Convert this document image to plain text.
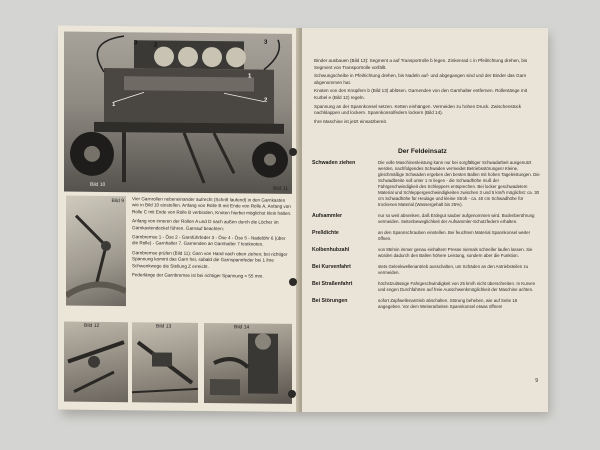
3	2	3
1
2
1
Bild 10
Bild 11
Bild 9 Vier Garnrollen nebeneinander aufrecht (Schrift laufend) in den Garnkasten wie in Bild 10 einstellen. Anfang von Rolle B mit Ende von Rolle A, Anfang von Rolle C mit Ende von Rolle B verbinden, Knoten hierbei möglichst klein halten.

Anfang von inneren der Rollen A und D nach außen durch die Löcher im Garnkastendeckel führen. Garnauf beachten:

Garnbremse 1 - Öse 2 - Garnführfeder 3 - Öse 4 - Öse 5 - Nadelöhr 6 (über die Rolle) - Garnhalter 7. Garnenden an Garnhalter 7 festknoten.

Garnbremse prüfen (Bild 11): Garn von Hand nach oben ziehen; bei richtiger Spannung kommt das Garn frei, sobald die Garnspannfeder bei 1 ihre Schwenkwege die Stellung Z erreicht.

Federlänge der Garnbremse ist bei richtiger Spannung = 55 mm.

Bild 12	Bild 13	Bild 14

Binder ausbauen (Bild 13): Segment a auf Transportrolle b legen. Zinkenrad c in Pfeilrichtung drehen, bis Segment von Transportrolle vorfällt.

Schwungscheibe in Pfeilrichtung drehen, bis Nadeln auf- und abgegangen sind und der Binder das Garn abgenommen hat.

Knoten von den Knüpfern b (Bild 13) ablösen. Garnenden von den Garnhalter entfernen. Rollentänge mit Kurbel e (Bild 12) regeln.

Spannung an der Spannkonsel setzen. Ketten einhängen. Vermeiden zu hohen Druck. Zwischenstück nachklappen und lockern. Spannkonsolfedern lockern (Bild 14).

Ihre Maschine ist jetzt einsatzbereit.

Der Feldeinsatz
Schwaden ziehen	Die volle Maschinenleistung kann nur bei sorgfältiger Schwadarbeit ausgenutzt werden, nachfolgendes Schwaden vermeidet Betriebsstörungen! Kleine, gleichmäßige Schwaden ergeben den besten Ballen mit hohen Tageleistungen. Die Schwadbreite soll unter 1 m liegen - die Schwadhöhe muß der Fahrgeschwindigkeit des Schleppers entsprechen. Bei locker geschwadetem Material und Schleppergeschwindigkeiten zwischen 3 und 5 km/h möglichst: ca. 30 cm Schwadhöhe für Heulage und kleine Stroh - ca. 40 cm Schwadhöhe für trockenes Material (Wassergehalt bis 25%).
Aufsammler	nur so weit absenken, daß Erdegut sauber aufgenommen wird. Bodenberührung vermeiden. Seitenbeweglichkeit der Aufsammler-Schutzfedern erhalten.
Preßdichte	an den Spannschrauben einstellen. Bei feuchtem Material Spannkonsel weiter öffnen.
Kolbenhubzahl	von 85/min immer genau einhalten! Presse niemals schneller laufen lassen. Sie würden dadurch den Ballen höhere Leistung, sondern aber die Funktion.
Bei Kurvenfahrt	stets Gelenkwellenantrieb ausschalten, um Schäden an den Antriebsteilen zu vermeiden.
Bei Straßenfahrt	höchstzulässige Fahrgeschwindigkeit von 25 km/h nicht überschreiten. In Kurven und engen Durchfahrten auf freie Ausschwenkmöglichkeit der Maschine achten.
Bei Störungen	sofort Zapfwellenantrieb abschalten. Störung beheben, wie auf Seite 18 angegeben. Vor dem Weiterarbeiten Spannkonsel etwas öffnen!
9
